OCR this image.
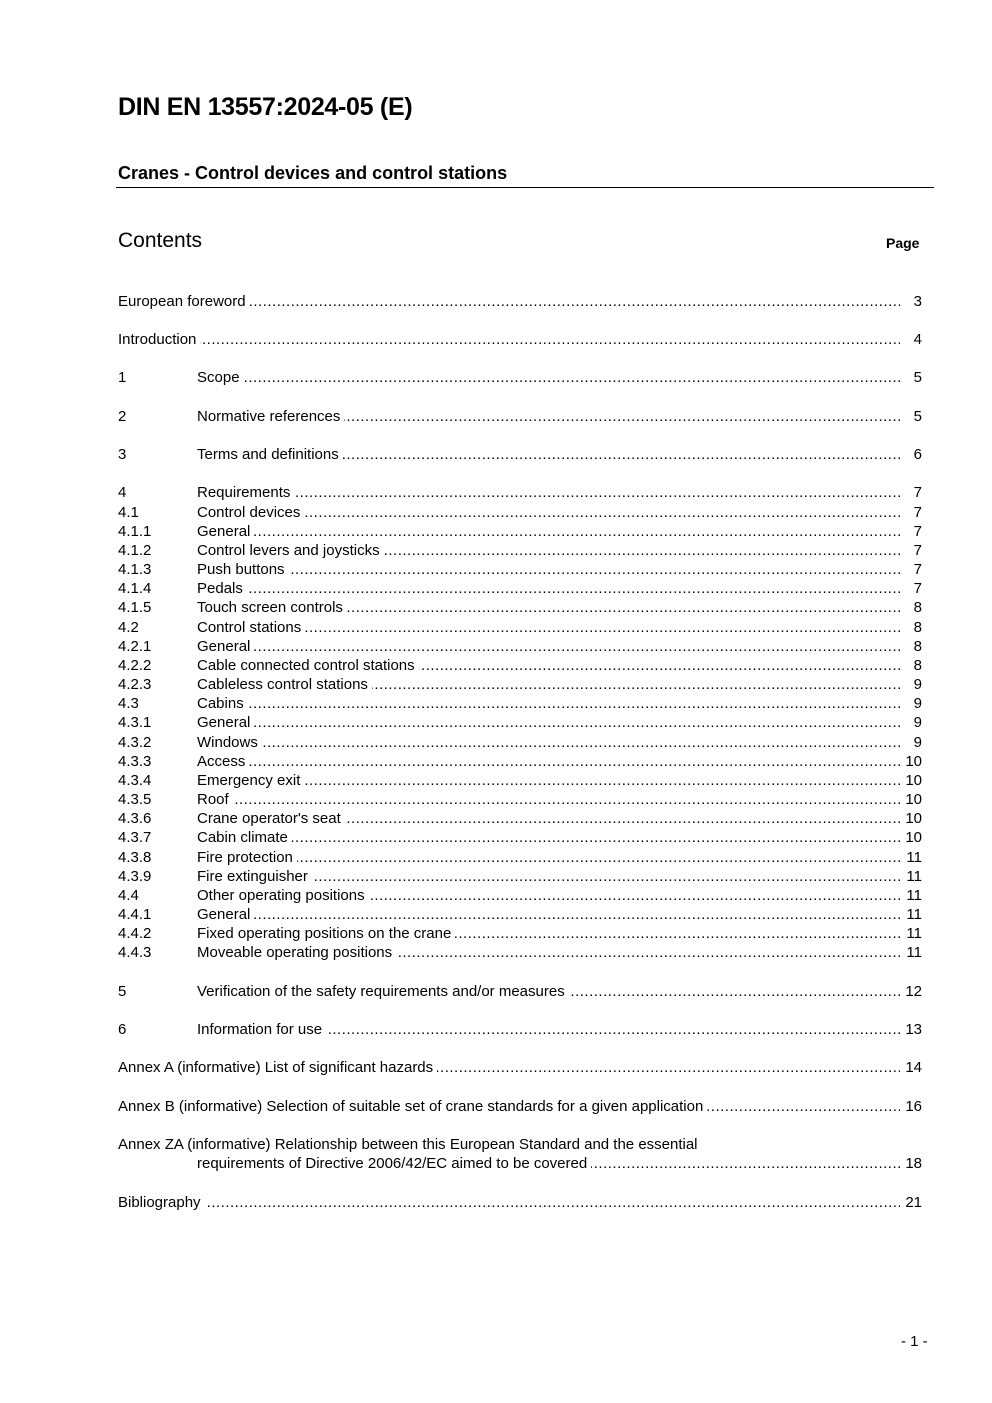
DIN EN 13557:2024-05 (E)
Cranes - Control devices and control stations
Contents	Page
.....
European foreword	3
.....
Introduction	4
1 .....	Scope	5
2 .....	Normative references	5
3 .....	Terms and definitions	6
4 .....	Requirements	7
4.1 .....	Control devices	7
4.1.1 .....	General	7
4.1.2 .....	Control levers and joysticks	7
4.1.3 .....	Push buttons	7
4.1.4 .....	Pedals	7
4.1.5 .....	Touch screen controls	8
4.2 .....	Control stations	8
4.2.1 .....	General	8
4.2.2 .....	Cable connected control stations	8
4.2.3 .....	Cableless control stations	9
4.3 .....	Cabins	9
4.3.1 .....	General	9
4.3.2 .....	Windows	9
4.3.3 .....	Access	10
4.3.4 .....	Emergency exit	10
4.3.5 .....	Roof	10
4.3.6 .....	Crane operator's seat	10
4.3.7 .....	Cabin climate	10
4.3.8 .....	Fire protection	11
4.3.9 .....	Fire extinguisher	11
4.4 .....	Other operating positions	11
4.4.1 .....	General	11
4.4.2 .....	Fixed operating positions on the crane	11
4.4.3 .....	Moveable operating positions	11
5 .....	Verification of the safety requirements and/or measures	12
6 .....	Information for use	13
.....
Annex A (informative) List of significant hazards	14
.....
Annex B (informative) Selection of suitable set of crane standards for a given application	16
Annex ZA (informative) Relationship between this European Standard and the essential
.....
requirements of Directive 2006/42/EC aimed to be covered	18
.....
Bibliography	21
- 1 -
